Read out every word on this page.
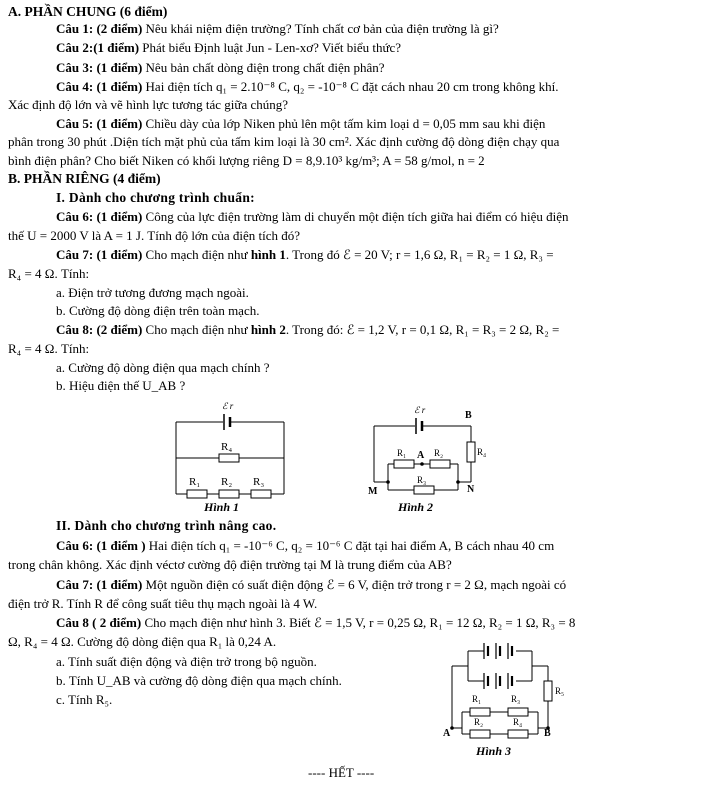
A. PHẦN CHUNG (6 điểm)
Câu 1: (2 điểm) Nêu khái niệm điện trường? Tính chất cơ bản của điện trường là gì?
Câu 2:(1 điểm) Phát biểu Định luật Jun - Len-xơ? Viết biểu thức?
Câu 3: (1 điểm) Nêu bản chất dòng điện trong chất điện phân?
Câu 4: (1 điểm) Hai điện tích q₁ = 2.10⁻⁸ C, q₂ = -10⁻⁸ C đặt cách nhau 20 cm trong không khí.
Xác định độ lớn và vẽ hình lực tương tác giữa chúng?
Câu 5: (1 điểm) Chiều dày của lớp Niken phủ lên một tấm kim loại d = 0,05 mm sau khi điện
phân trong 30 phút .Diện tích mặt phủ của tấm kim loại là 30 cm². Xác định cường độ dòng điện chạy qua
bình điện phân? Cho biết Niken có khối lượng riêng D = 8,9.10³ kg/m³; A = 58 g/mol, n = 2
B. PHẦN RIÊNG (4 điểm)
I. Dành cho chương trình chuẩn:
Câu 6: (1 điểm) Công của lực điện trường làm di chuyển một điện tích giữa hai điểm có hiệu điện
thế U = 2000 V là A = 1 J. Tính độ lớn của điện tích đó?
Câu 7: (1 điểm) Cho mạch điện như hình 1. Trong đó ℰ = 20 V; r = 1,6 Ω, R₁ = R₂ = 1 Ω, R₃ =
R₄ = 4 Ω. Tính:
a. Điện trở tương đương mạch ngoài.
b. Cường độ dòng điện trên toàn mạch.
Câu 8: (2 điểm) Cho mạch điện như hình 2. Trong đó: ℰ = 1,2 V, r = 0,1 Ω, R₁ = R₃ = 2 Ω, R₂ =
R₄ = 4 Ω. Tính:
a. Cường độ dòng điện qua mạch chính ?
b. Hiệu điện thế U_AB ?
ℰ r
R₄
R₁ R₂ R₃
Hình 1
ℰ r	B
R₄
R₁ A R₂
M
R₃
N
Hình 2
II. Dành cho chương trình nâng cao.
Câu 6: (1 điểm ) Hai điện tích q₁ = -10⁻⁶ C, q₂ = 10⁻⁶ C đặt tại hai điểm A, B cách nhau 40 cm
trong chân không. Xác định véctơ cường độ điện trường tại M là trung điểm của AB?
Câu 7: (1 điểm) Một nguồn điện có suất điện động ℰ = 6 V, điện trở trong r = 2 Ω, mạch ngoài có
điện trở R. Tính R để công suất tiêu thụ mạch ngoài là 4 W.
Câu 8 ( 2 điểm) Cho mạch điện như hình 3. Biết ℰ = 1,5 V, r = 0,25 Ω, R₁ = 12 Ω, R₂ = 1 Ω, R₃ = 8
Ω, R₄ = 4 Ω. Cường độ dòng điện qua R₁ là 0,24 A.
a. Tính suất điện động và điện trở trong bộ nguồn.
b. Tính U_AB và cường độ dòng điện qua mạch chính.
c. Tính R₅.	R₁	R₃
R₅
R₂	R₄
A	B
Hình 3
---- HẾT ----
